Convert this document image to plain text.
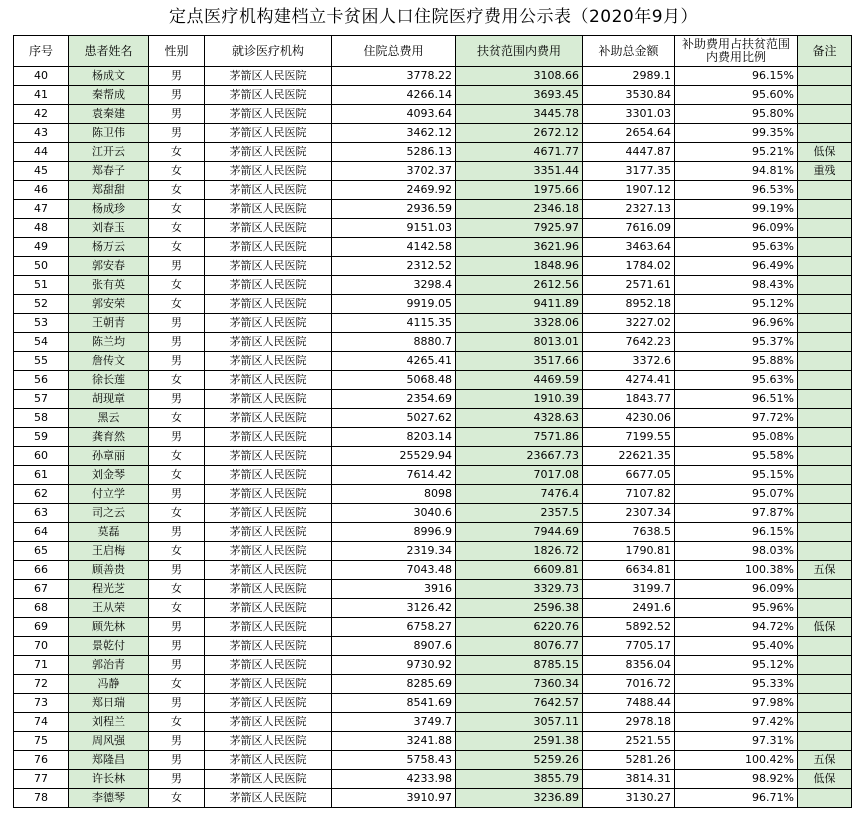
定点医疗机构建档立卡贫困人口住院医疗费用公示表（2020年9月）
序号	患者姓名	性别	就诊医疗机构	住院总费用	扶贫范围内费用	补助总金额	补助费用占扶贫范围内费用比例	备注
40	杨成文	男	茅箭区人民医院	3778.22	3108.66	2989.1	96.15%	
41	秦帮成	男	茅箭区人民医院	4266.14	3693.45	3530.84	95.60%	
42	袁秦建	男	茅箭区人民医院	4093.64	3445.78	3301.03	95.80%	
43	陈卫伟	男	茅箭区人民医院	3462.12	2672.12	2654.64	99.35%	
44	江开云	女	茅箭区人民医院	5286.13	4671.77	4447.87	95.21%	低保
45	郑春子	女	茅箭区人民医院	3702.37	3351.44	3177.35	94.81%	重残
46	郑甜甜	女	茅箭区人民医院	2469.92	1975.66	1907.12	96.53%	
47	杨成珍	女	茅箭区人民医院	2936.59	2346.18	2327.13	99.19%	
48	刘春玉	女	茅箭区人民医院	9151.03	7925.97	7616.09	96.09%	
49	杨万云	女	茅箭区人民医院	4142.58	3621.96	3463.64	95.63%	
50	郭安春	男	茅箭区人民医院	2312.52	1848.96	1784.02	96.49%	
51	张有英	女	茅箭区人民医院	3298.4	2612.56	2571.61	98.43%	
52	郭安荣	女	茅箭区人民医院	9919.05	9411.89	8952.18	95.12%	
53	王朝青	男	茅箭区人民医院	4115.35	3328.06	3227.02	96.96%	
54	陈兰均	男	茅箭区人民医院	8880.7	8013.01	7642.23	95.37%	
55	詹传文	男	茅箭区人民医院	4265.41	3517.66	3372.6	95.88%	
56	徐长莲	女	茅箭区人民医院	5068.48	4469.59	4274.41	95.63%	
57	胡现章	男	茅箭区人民医院	2354.69	1910.39	1843.77	96.51%	
58	黑云	女	茅箭区人民医院	5027.62	4328.63	4230.06	97.72%	
59	龚育然	男	茅箭区人民医院	8203.14	7571.86	7199.55	95.08%	
60	孙章丽	女	茅箭区人民医院	25529.94	23667.73	22621.35	95.58%	
61	刘金琴	女	茅箭区人民医院	7614.42	7017.08	6677.05	95.15%	
62	付立学	男	茅箭区人民医院	8098	7476.4	7107.82	95.07%	
63	司之云	女	茅箭区人民医院	3040.6	2357.5	2307.34	97.87%	
64	莫磊	男	茅箭区人民医院	8996.9	7944.69	7638.5	96.15%	
65	王启梅	女	茅箭区人民医院	2319.34	1826.72	1790.81	98.03%	
66	顾善贵	男	茅箭区人民医院	7043.48	6609.81	6634.81	100.38%	五保
67	程光芝	女	茅箭区人民医院	3916	3329.73	3199.7	96.09%	
68	王从荣	女	茅箭区人民医院	3126.42	2596.38	2491.6	95.96%	
69	顾先林	男	茅箭区人民医院	6758.27	6220.76	5892.52	94.72%	低保
70	景乾付	男	茅箭区人民医院	8907.6	8076.77	7705.17	95.40%	
71	郭治青	男	茅箭区人民医院	9730.92	8785.15	8356.04	95.12%	
72	冯静	女	茅箭区人民医院	8285.69	7360.34	7016.72	95.33%	
73	郑日瑞	男	茅箭区人民医院	8541.69	7642.57	7488.44	97.98%	
74	刘程兰	女	茅箭区人民医院	3749.7	3057.11	2978.18	97.42%	
75	周风强	男	茅箭区人民医院	3241.88	2591.38	2521.55	97.31%	
76	郑隆昌	男	茅箭区人民医院	5758.43	5259.26	5281.26	100.42%	五保
77	许长林	男	茅箭区人民医院	4233.98	3855.79	3814.31	98.92%	低保
78	李德琴	女	茅箭区人民医院	3910.97	3236.89	3130.27	96.71%	
